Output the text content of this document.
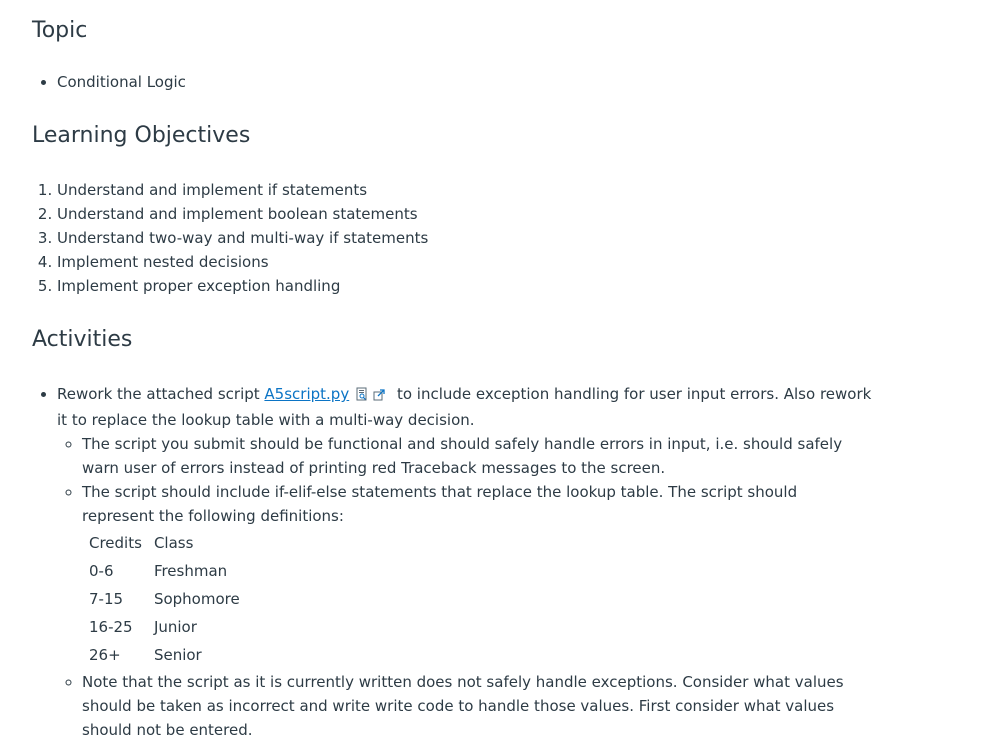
Topic
• Conditional Logic
Learning Objectives
1. Understand and implement if statements
2. Understand and implement boolean statements
3. Understand two-way and multi-way if statements
4. Implement nested decisions
5. Implement proper exception handling
Activities
• Rework the attached script A5script.py	to include exception handling for user input errors. Also rework it to replace the lookup table with a multi-way decision.
◦ The script you submit should be functional and should safely handle errors in input, i.e. should safely warn user of errors instead of printing red Traceback messages to the screen.
◦ The script should include if-elif-else statements that replace the lookup table. The script should represent the following definitions:
Credits	Class
0-6	Freshman
7-15	Sophomore
16-25	Junior
26+	Senior
◦ Note that the script as it is currently written does not safely handle exceptions. Consider what values should be taken as incorrect and write write code to handle those values. First consider what values should not be entered.
